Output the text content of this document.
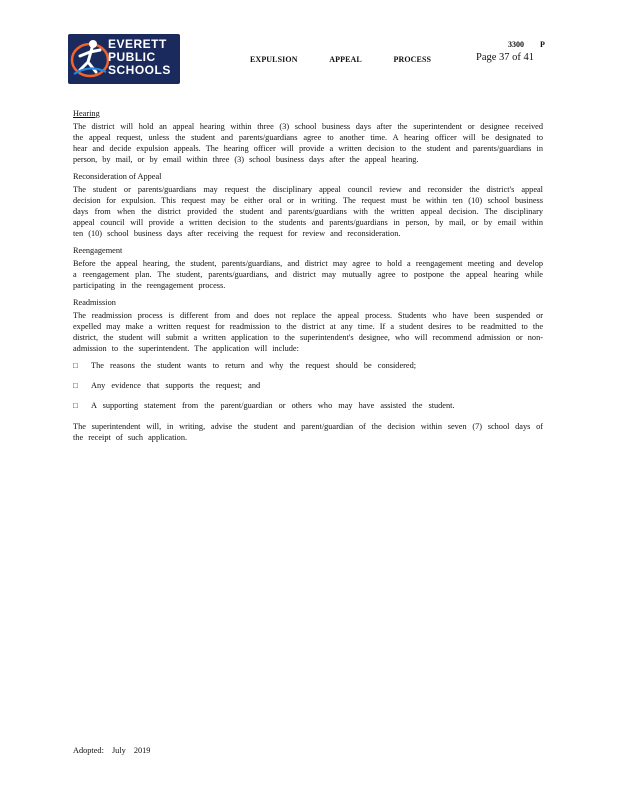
EVERETT
PUBLIC
SCHOOLS
EXPULSION APPEAL PROCESS
3300 P
Page 37 of 41

Hearing

The district will hold an appeal hearing within three (3) school business days after the superintendent or designee received the appeal request, unless the student and parents/guardians agree to another time. A hearing officer will be designated to hear and decide expulsion appeals. The hearing officer will provide a written decision to the student and parents/guardians in person, by mail, or by email within three (3) school business days after the appeal hearing.

Reconsideration of Appeal

The student or parents/guardians may request the disciplinary appeal council review and reconsider the district's appeal decision for expulsion. This request may be either oral or in writing. The request must be within ten (10) school business days from when the district provided the student and parents/guardians with the written appeal decision. The disciplinary appeal council will provide a written decision to the students and parents/guardians in person, by mail, or by email within ten (10) school business days after receiving the request for review and reconsideration.

Reengagement

Before the appeal hearing, the student, parents/guardians, and district may agree to hold a reengagement meeting and develop a reengagement plan. The student, parents/guardians, and district may mutually agree to postpone the appeal hearing while participating in the reengagement process.

Readmission

The readmission process is different from and does not replace the appeal process. Students who have been suspended or expelled may make a written request for readmission to the district at any time. If a student desires to be readmitted to the district, the student will submit a written application to the superintendent's designee, who will recommend admission or non-admission to the superintendent. The application will include:

□ The reasons the student wants to return and why the request should be considered;
□ Any evidence that supports the request; and
□ A supporting statement from the parent/guardian or others who may have assisted the student.

The superintendent will, in writing, advise the student and parent/guardian of the decision within seven (7) school days of the receipt of such application.

Adopted: July 2019
